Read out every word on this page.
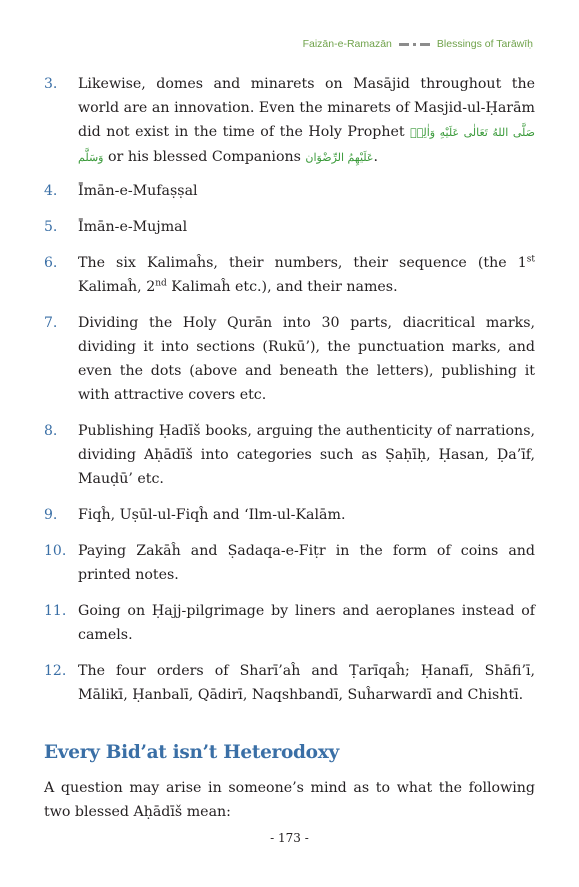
Faizān-e-Ramazān	Blessings of Tarāwīḥ
3.	Likewise, domes and minarets on Masājid throughout the world are an innovation. Even the minarets of Masjid-ul-Ḥarām did not exist in the time of the Holy Prophet صَلَّى اللهُ تَعَالٰى عَلَيْهِ وَاٰلِهٖ وَسَلَّم or his blessed Companions عَلَيْهِمُ الرِّضْوَان.
4.	Īmān-e-Mufaṣṣal
5.	Īmān-e-Mujmal
6.	The six Kalimaĥs, their numbers, their sequence (the 1st Kalimaĥ, 2nd Kalimaĥ etc.), and their names.
7.	Dividing the Holy Qurān into 30 parts, diacritical marks, dividing it into sections (Rukū’), the punctuation marks, and even the dots (above and beneath the letters), publishing it with attractive covers etc.
8.	Publishing Ḥadīš books, arguing the authenticity of narrations, dividing Aḥādīš into categories such as Ṣaḥīḥ, Ḥasan, Ḍa’īf, Mauḍū’ etc.
9.	Fiqĥ, Uṣūl-ul-Fiqĥ and ‘Ilm-ul-Kalām.
10. Paying Zakāĥ and Ṣadaqa-e-Fiṭr in the form of coins and printed notes.
11. Going on Ḥajj-pilgrimage by liners and aeroplanes instead of camels.
12. The four orders of Sharī’aĥ and Ṭarīqaĥ; Ḥanafī, Shāfi’ī, Mālikī, Ḥanbalī, Qādirī, Naqshbandī, Suĥarwardī and Chishtī.
Every Bid’at isn’t Heterodoxy
A question may arise in someone’s mind as to what the following two blessed Aḥādīš mean:
- 173 -
